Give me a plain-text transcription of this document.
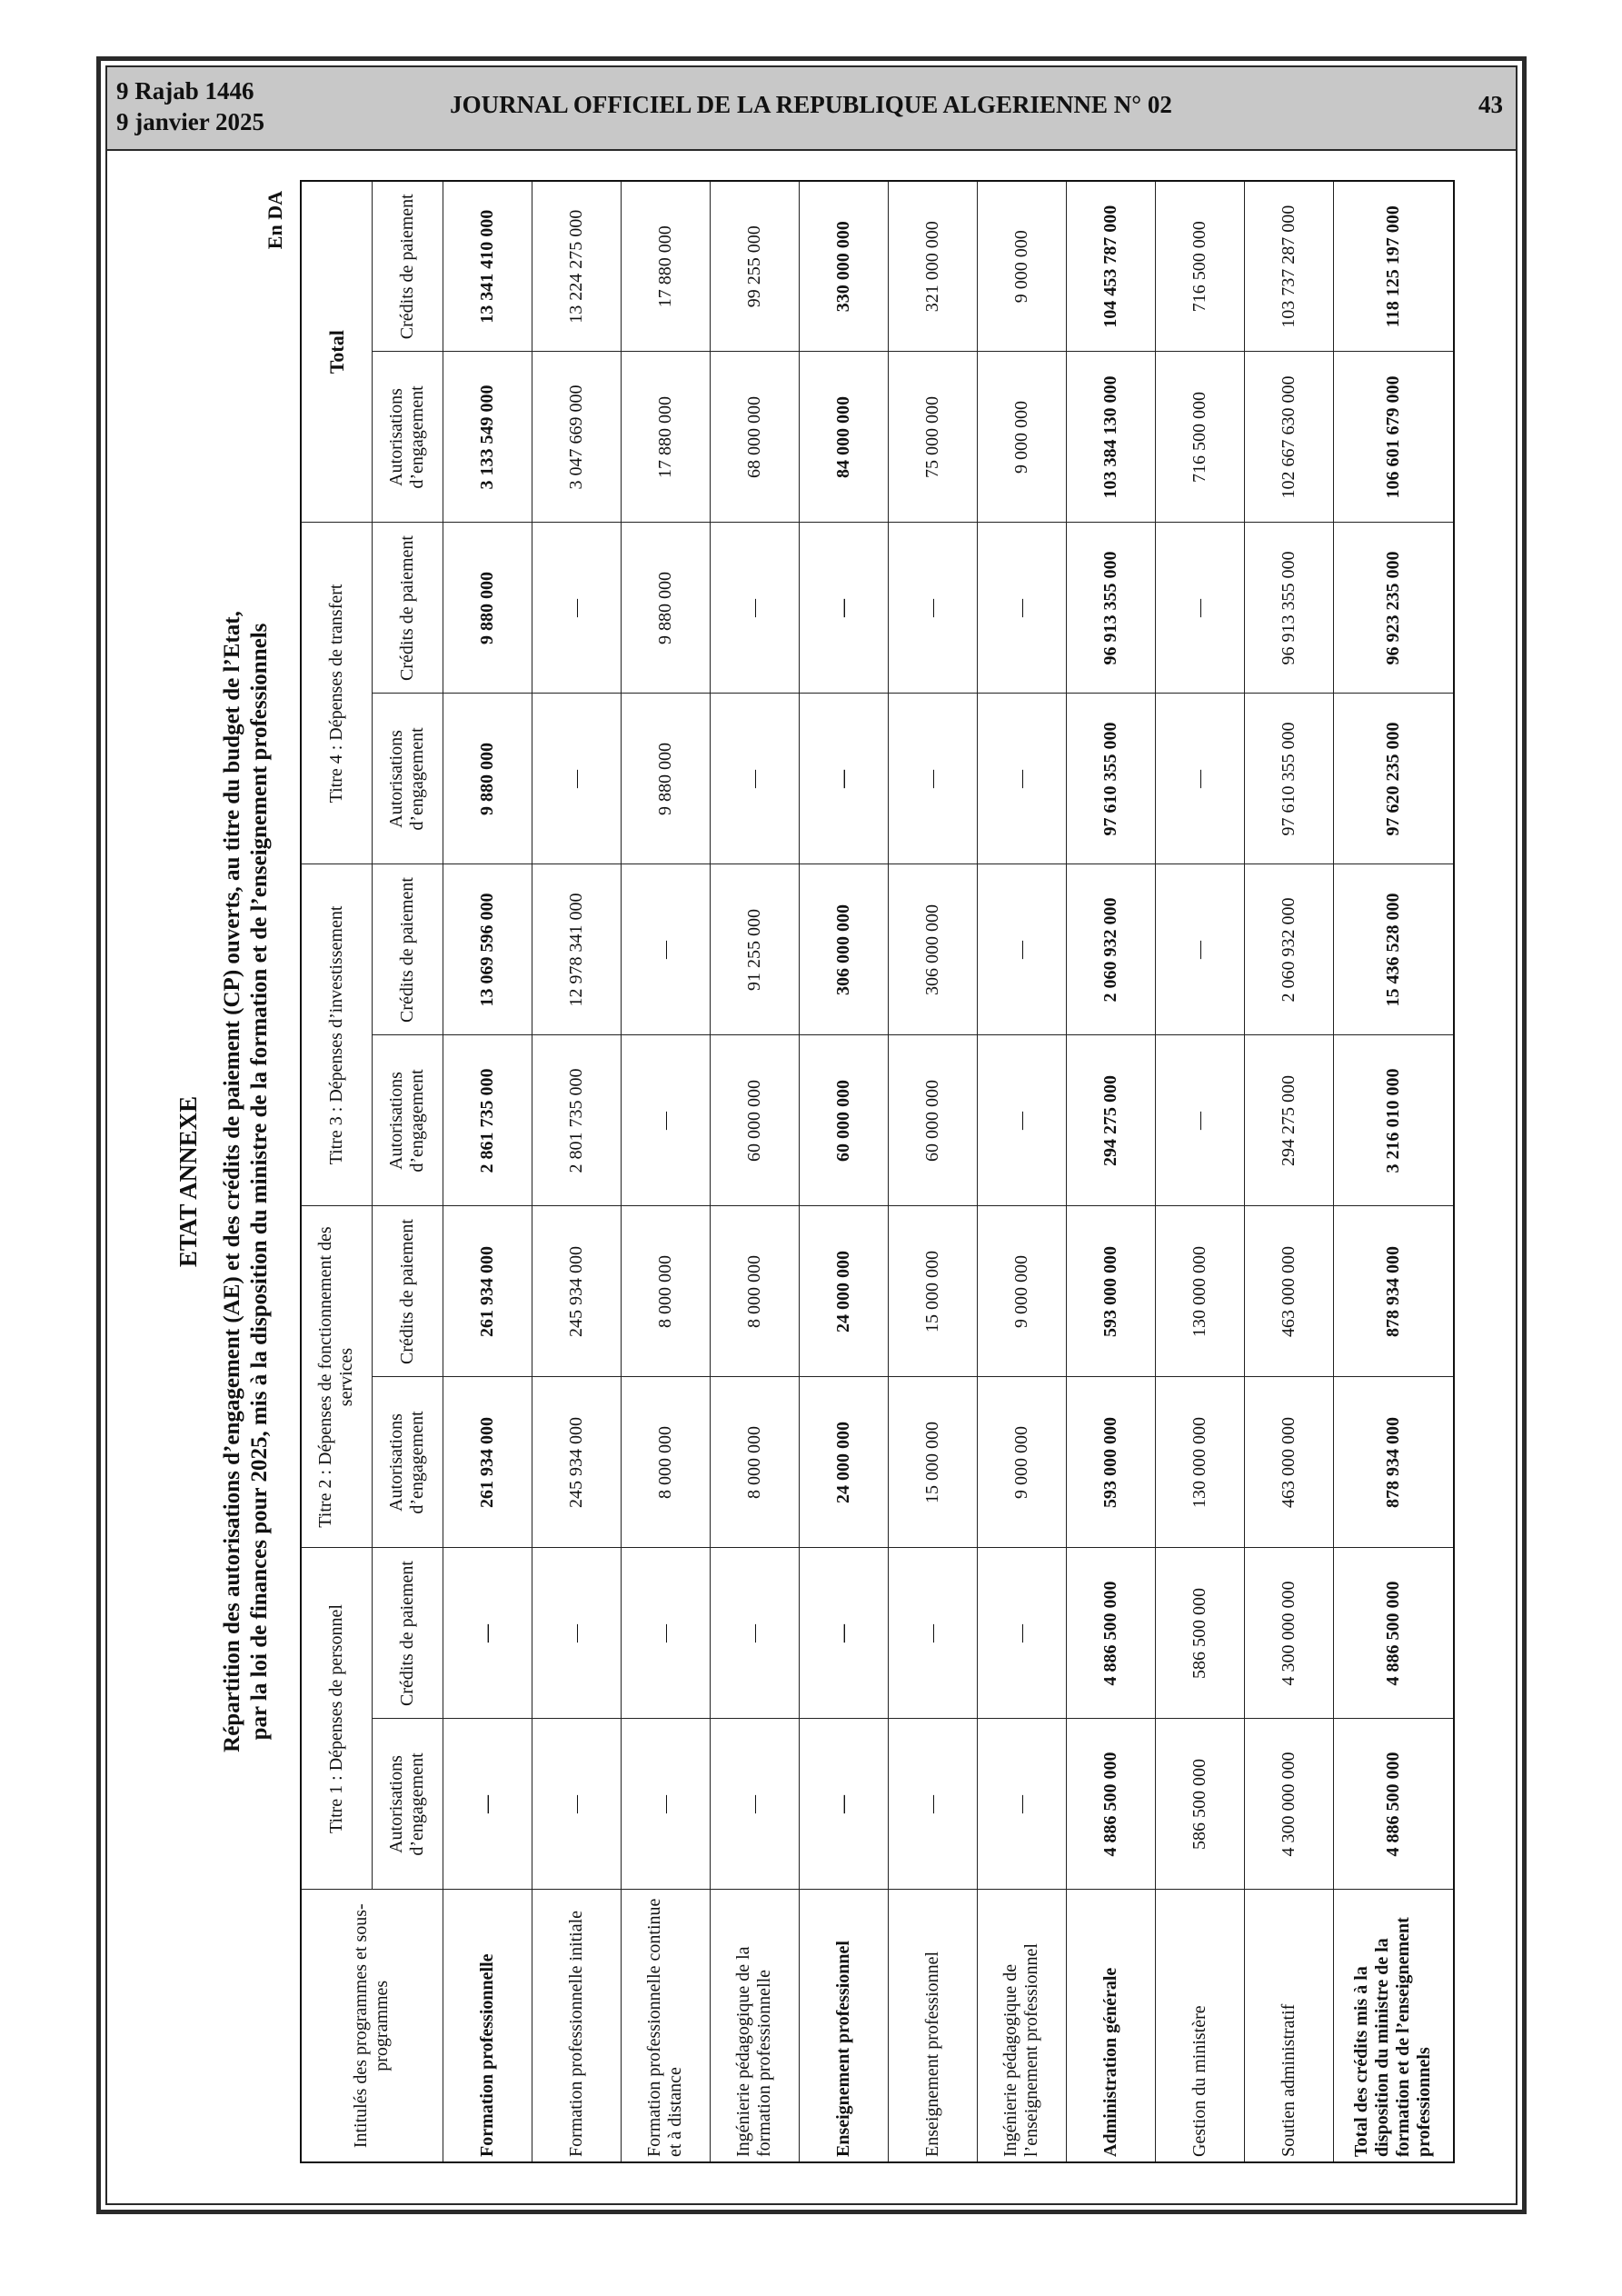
9 Rajab 1446
9 janvier 2025
JOURNAL OFFICIEL DE LA REPUBLIQUE ALGERIENNE N° 02	43
ETAT ANNEXE Répartition des autorisations d’engagement (AE) et des crédits de paiement (CP) ouverts, au titre du budget de l’Etat, par la loi de finances pour 2025, mis à la disposition du ministre de la formation et de l’enseignement professionnels
En DA
Intitulés des programmes et sous-programmes	Titre 1 : Dépenses de personnel		Titre 2 : Dépenses de fonctionnement des services		Titre 3 : Dépenses d’investissement		Titre 4 : Dépenses de transfert		Total	
	Autorisations d’engagement	Crédits de paiement	Autorisations d’engagement	Crédits de paiement	Autorisations d’engagement	Crédits de paiement	Autorisations d’engagement	Crédits de paiement	Autorisations d’engagement	Crédits de paiement
Formation professionnelle	—	—	261 934 000	261 934 000	2 861 735 000	13 069 596 000	9 880 000	9 880 000	3 133 549 000	13 341 410 000
Formation professionnelle initiale	—	—	245 934 000	245 934 000	2 801 735 000	12 978 341 000	—	—	3 047 669 000	13 224 275 000
Formation professionnelle continue et à distance	—	—	8 000 000	8 000 000	—	—	9 880 000	9 880 000	17 880 000	17 880 000
Ingénierie pédagogique de la formation professionnelle	—	—	8 000 000	8 000 000	60 000 000	91 255 000	—	—	68 000 000	99 255 000
Enseignement professionnel	—	—	24 000 000	24 000 000	60 000 000	306 000 000	—	—	84 000 000	330 000 000
Enseignement professionnel	—	—	15 000 000	15 000 000	60 000 000	306 000 000	—	—	75 000 000	321 000 000
Ingénierie pédagogique de l’enseignement professionnel	—	—	9 000 000	9 000 000	—	—	—	—	9 000 000	9 000 000
Administration générale	4 886 500 000	4 886 500 000	593 000 000	593 000 000	294 275 000	2 060 932 000	97 610 355 000	96 913 355 000	103 384 130 000	104 453 787 000
Gestion du ministère	586 500 000	586 500 000	130 000 000	130 000 000	—	—	—	—	716 500 000	716 500 000
Soutien administratif	4 300 000 000	4 300 000 000	463 000 000	463 000 000	294 275 000	2 060 932 000	97 610 355 000	96 913 355 000	102 667 630 000	103 737 287 000
Total des crédits mis à la disposition du ministre de la formation et de l’enseignement professionnels	4 886 500 000	4 886 500 000	878 934 000	878 934 000	3 216 010 000	15 436 528 000	97 620 235 000	96 923 235 000	106 601 679 000	118 125 197 000
